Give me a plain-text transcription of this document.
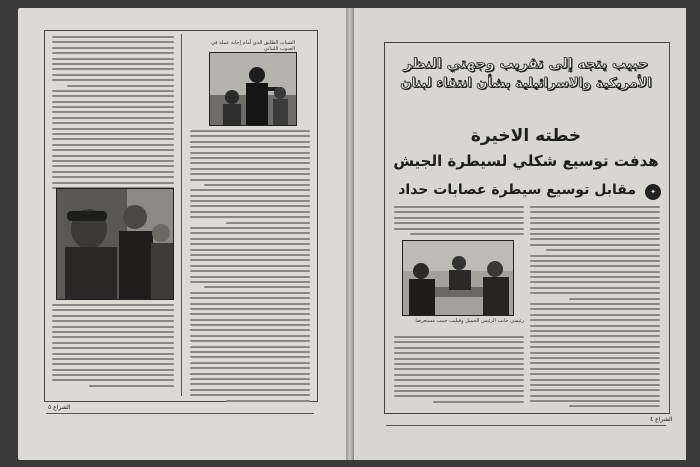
الشباب الطليق الذي أمام إجابة عمله في الجنوب اللبناني
الشراع ٥
حبيب يتجه إلى تقريب وجهتي النظر
الأمريكية والاسرائيلية بشأن انتقاء لبنان
خطته الاخيرة
هدفت توسيع شكلي لسيطرة الجيش
مقابل توسيع سيطرة عصابات حداد	✦
رئيسي جانب الرئيس الجميل وفيليب حبيب مستعرضا
الشراع ٤
